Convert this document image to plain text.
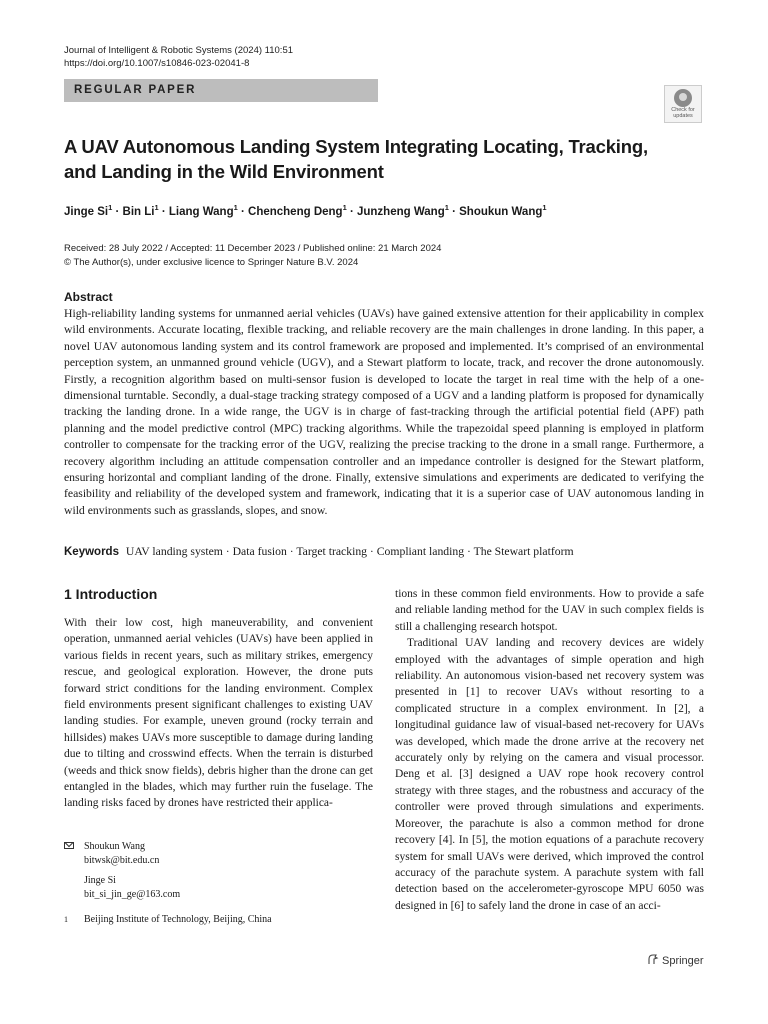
Journal of Intelligent & Robotic Systems (2024) 110:51
https://doi.org/10.1007/s10846-023-02041-8
REGULAR PAPER
Check for
updates
A UAV Autonomous Landing System Integrating Locating, Tracking,
and Landing in the Wild Environment
Jinge $Si^1$ · Bin $Li^1$ · Liang Wang$^1$ · Chencheng Deng$^1$ · Junzheng Wang$^1$ · Shoukun Wang$^1$
Received: 28 July 2022 / Accepted: 11 December 2023 / Published online: 21 March 2024
© The Author(s), under exclusive licence to Springer Nature B.V. 2024
Abstract

High-reliability landing systems for unmanned aerial vehicles (UAVs) have gained extensive attention for their applicability in complex wild environments. Accurate locating, flexible tracking, and reliable recovery are the main challenges in drone landing. In this paper, a novel UAV autonomous landing system and its control framework are proposed and implemented. It’s comprised of an environmental perception system, an unmanned ground vehicle (UGV), and a Stewart platform to locate, track, and recover the drone autonomously. Firstly, a recognition algorithm based on multi-sensor fusion is developed to locate the target in real time with the help of a one-dimensional turntable. Secondly, a dual-stage tracking strategy composed of a UGV and a landing platform is proposed for dynamically tracking the landing drone. In a wide range, the UGV is in charge of fast-tracking through the artificial potential field (APF) path planning and the model predictive control (MPC) tracking algorithms. While the trapezoidal speed planning is employed in platform controller to compensate for the tracking error of the UGV, realizing the precise tracking to the drone in a small range. Furthermore, a recovery algorithm including an attitude compensation controller and an impedance controller is designed for the Stewart platform, ensuring horizontal and compliant landing of the drone. Finally, extensive simulations and experiments are dedicated to verifying the feasibility and reliability of the developed system and framework, indicating that it is a superior case of UAV autonomous landing in wild environments such as grasslands, slopes, and snow.

Keywords UAV landing system · Data fusion · Target tracking · Compliant landing · The Stewart platform
1 Introduction

With their low cost, high maneuverability, and convenient operation, unmanned aerial vehicles (UAVs) have been applied in various fields in recent years, such as military strikes, emergency rescue, and geological exploration. However, the drone puts forward strict conditions for the landing environment. Complex field environments present significant challenges to existing UAV landing studies. For example, uneven ground (rocky terrain and hillsides) makes UAVs more susceptible to damage during landing due to tilting and crosswind effects. When the terrain is disturbed (weeds and thick snow fields), debris higher than the drone can get entangled in the blades, which may further ruin the fuselage. The landing risks faced by drones have restricted their applica-

tions in these common field environments. How to provide a safe and reliable landing method for the UAV in such complex fields is still a challenging research hotspot.

Traditional UAV landing and recovery devices are widely employed with the advantages of simple operation and high reliability. An autonomous vision-based net recovery system was presented in [1] to recover UAVs without resorting to a complicated structure in a complex environment. In [2], a longitudinal guidance law of visual-based net-recovery for UAVs was developed, which made the drone arrive at the recovery net accurately only by relying on the camera and visual processor. Deng et al. [3] designed a UAV rope hook recovery control strategy with three stages, and the robustness and accuracy of the controller were proved through simulations and experiments. Moreover, the parachute is also a common method for drone recovery [4]. In [5], the motion equations of a parachute recovery system for small UAVs were derived, which improved the control accuracy of the parachute system. A parachute system with fall detection based on the accelerometer-gyroscope MPU 6050 was designed in [6] to safely land the drone in case of an acci-

Shoukun Wang
bitwsk@bit.edu.cn
Jinge Si
bit_si_jin_ge@163.com
1 Beijing Institute of Technology, Beijing, China
Springer
